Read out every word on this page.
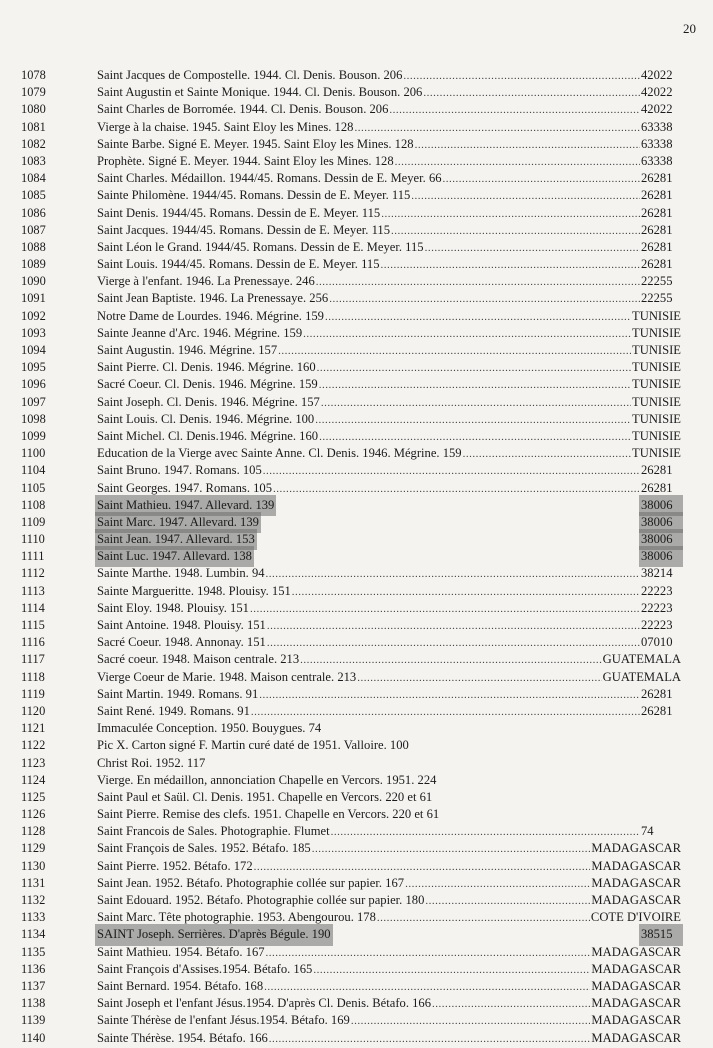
20
1078	Saint Jacques de Compostelle. 1944. Cl. Denis. Bouson. 206 .....	42022
1079	Saint Augustin et Sainte Monique. 1944. Cl. Denis. Bouson. 206 .....	42022
1080	Saint Charles de Borromée. 1944. Cl. Denis. Bouson. 206 .....	42022
1081	Vierge à la chaise. 1945. Saint Eloy les Mines. 128 .....	63338
1082	Sainte Barbe. Signé E. Meyer. 1945. Saint Eloy les Mines. 128 .....	63338
1083	Prophète. Signé E. Meyer. 1944. Saint Eloy les Mines. 128 .....	63338
1084	Saint Charles. Médaillon. 1944/45. Romans. Dessin de E. Meyer. 66 .....	26281
1085	Sainte Philomène. 1944/45. Romans. Dessin de E. Meyer. 115 .....	26281
1086	Saint Denis. 1944/45. Romans. Dessin de E. Meyer. 115 .....	26281
1087	Saint Jacques. 1944/45. Romans. Dessin de E. Meyer. 115 .....	26281
1088	Saint Léon le Grand. 1944/45. Romans. Dessin de E. Meyer. 115 .....	26281
1089	Saint Louis. 1944/45. Romans. Dessin de E. Meyer. 115 .....	26281
1090	Vierge à l'enfant. 1946. La Prenessaye. 246 .....	22255
1091	Saint Jean Baptiste. 1946. La Prenessaye. 256 .....	22255
1092	Notre Dame de Lourdes. 1946. Mégrine. 159 .....	TUNISIE
1093	Sainte Jeanne d'Arc. 1946. Mégrine. 159 .....	TUNISIE
1094	Saint Augustin. 1946. Mégrine. 157 .....	TUNISIE
1095	Saint Pierre. Cl. Denis. 1946. Mégrine. 160 .....	TUNISIE
1096	Sacré Coeur. Cl. Denis. 1946. Mégrine. 159 .....	TUNISIE
1097	Saint Joseph. Cl. Denis. 1946. Mégrine. 157 .....	TUNISIE
1098	Saint Louis. Cl. Denis. 1946. Mégrine. 100 .....	TUNISIE
1099	Saint Michel. Cl. Denis.1946. Mégrine. 160 .....	TUNISIE
1100	Education de la Vierge avec Sainte Anne. Cl. Denis. 1946. Mégrine. 159 .....	TUNISIE
1104	Saint Bruno. 1947. Romans. 105 .....	26281
1105	Saint Georges. 1947. Romans. 105 .....	26281
1108	Saint Mathieu. 1947. Allevard. 139	38006
1109	Saint Marc. 1947. Allevard. 139	38006
1110	Saint Jean. 1947. Allevard. 153	38006
1111	Saint Luc. 1947. Allevard. 138	38006
1112	Sainte Marthe. 1948. Lumbin. 94 .....	38214
1113	Sainte Margueritte. 1948. Plouisy. 151 .....	22223
1114	Saint Eloy. 1948. Plouisy. 151 .....	22223
1115	Saint Antoine. 1948. Plouisy. 151 .....	22223
1116	Sacré Coeur. 1948. Annonay. 151 .....	07010
1117	Sacré coeur. 1948. Maison centrale. 213 .....	GUATEMALA
1118	Vierge Coeur de Marie. 1948. Maison centrale. 213 .....	GUATEMALA
1119	Saint Martin. 1949. Romans. 91 .....	26281
1120	Saint René. 1949. Romans. 91 .....	26281
1121	Immaculée Conception. 1950. Bouygues. 74
1122	Pic X. Carton signé F. Martin curé daté de 1951. Valloire. 100
1123	Christ Roi. 1952. 117
1124	Vierge. En médaillon, annonciation Chapelle en Vercors. 1951. 224
1125	Saint Paul et Saül. Cl. Denis. 1951. Chapelle en Vercors. 220 et 61
1126	Saint Pierre. Remise des clefs. 1951. Chapelle en Vercors. 220 et 61
1128	Saint Francois de Sales. Photographie. Flumet .....	74
1129	Saint François de Sales. 1952. Bétafo. 185 .....	MADAGASCAR
1130	Saint Pierre. 1952. Bétafo. 172 .....	MADAGASCAR
1131	Saint Jean. 1952. Bétafo. Photographie collée sur papier. 167 .....	MADAGASCAR
1132	Saint Edouard. 1952. Bétafo. Photographie collée sur papier. 180 .....	MADAGASCAR
1133	Saint Marc. Tête photographie. 1953. Abengourou. 178 .....	COTE D'IVOIRE
1134	SAINT Joseph. Serrières. D'après Bégule. 190	38515
1135	Saint Mathieu. 1954. Bétafo. 167 .....	MADAGASCAR
1136	Saint François d'Assises.1954. Bétafo. 165 .....	MADAGASCAR
1137	Saint Bernard. 1954. Bétafo. 168 .....	MADAGASCAR
1138	Saint Joseph et l'enfant Jésus.1954. D'après Cl. Denis. Bétafo. 166 .....	MADAGASCAR
1139	Sainte Thérèse de l'enfant Jésus.1954. Bétafo. 169 .....	MADAGASCAR
1140	Sainte Thérèse. 1954. Bétafo. 166 .....	MADAGASCAR
